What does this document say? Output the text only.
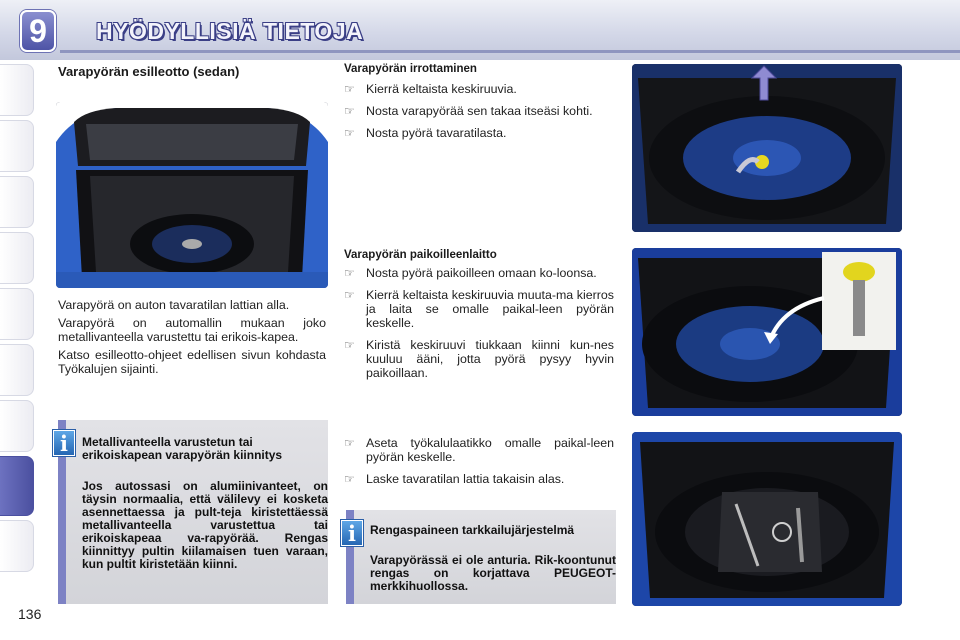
9	HYÖDYLLISIÄ TIETOJA
Varapyörän esilleotto (sedan)

Varapyörä on auton tavaratilan lattian alla.

Varapyörä on automallin mukaan joko metallivanteella varustettu tai erikois-kapea.

Katso esilleotto-ohjeet edellisen sivun kohdasta Työkalujen sijainti.

Metallivanteella varustetun tai erikoiskapean varapyörän kiinnitys
Jos autossasi on alumiinivanteet, on täysin normaalia, että välilevy ei kosketa asennettaessa ja pult-teja kiristettäessä metallivanteella varustettua tai erikoiskapeaa va-rapyörää. Rengas kiinnittyy pultin kiilamaisen tuen varaan, kun pultit kiristetään kiinni.
i
Varapyörän irrottaminen
☞ Kierrä keltaista keskiruuvia.
☞ Nosta varapyörää sen takaa itseäsi kohti.
☞ Nosta pyörä tavaratilasta.
Varapyörän paikoilleenlaitto
☞ Nosta pyörä paikoilleen omaan ko-loonsa.
☞ Kierrä keltaista keskiruuvia muuta-ma kierros ja laita se omalle paikal-leen pyörän keskelle.
☞ Kiristä keskiruuvi tiukkaan kiinni kun-nes kuuluu ääni, jotta pyörä pysyy hyvin paikoillaan.
☞ Aseta työkalulaatikko omalle paikal-leen pyörän keskelle.
☞ Laske tavaratilan lattia takaisin alas.
Rengaspaineen tarkkailujärjestelmä
Varapyörässä ei ole anturia. Rik-koontunut rengas on korjattava PEUGEOT-merkkihuollossa.
i
136
